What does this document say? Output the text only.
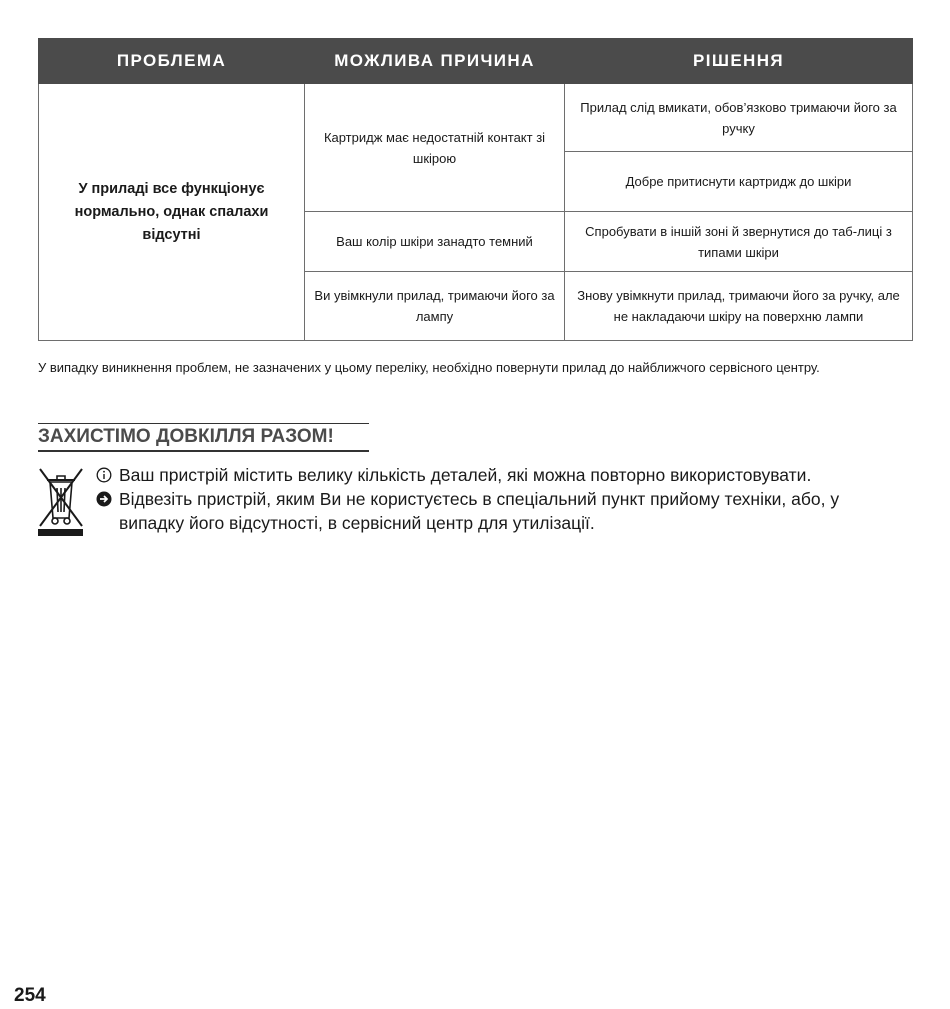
ПРОБЛЕМА	МОЖЛИВА ПРИЧИНА	РІШЕННЯ
У приладі все функціонує нормально, однак спалахи відсутні	Картридж має недостатній контакт зі шкірою	Прилад слід вмикати, обов’язково тримаючи його за ручку
		Добре притиснути картридж до шкіри
	Ваш колір шкіри занадто темний	Спробувати в іншій зоні й звернутися до таб-лиці з типами шкіри
	Ви увімкнули прилад, тримаючи його за лампу	Знову увімкнути прилад, тримаючи його за ручку, але не накладаючи шкіру на поверхню лампи
У випадку виникнення проблем, не зазначених у цьому переліку, необхідно повернути прилад до найближчого сервісного центру.
ЗАХИСТІМО ДОВКІЛЛЯ РАЗОМ!
Ваш пристрій містить велику кількість деталей, які можна повторно використовувати.
Відвезіть пристрій, яким Ви не користуєтесь в спеціальний пункт прийому техніки, або, у
випадку його відсутності, в сервісний центр для утилізації.
254
